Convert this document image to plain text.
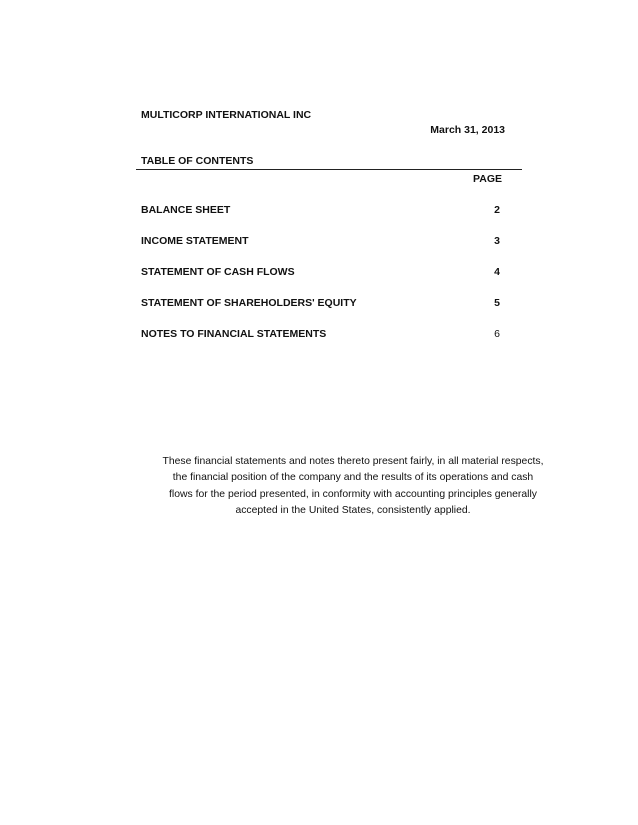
MULTICORP INTERNATIONAL INC
March 31, 2013
TABLE OF CONTENTS
PAGE
BALANCE SHEET	2
INCOME STATEMENT	3
STATEMENT OF CASH FLOWS	4
STATEMENT OF SHAREHOLDERS' EQUITY	5
NOTES TO FINANCIAL STATEMENTS	6
These financial statements and notes thereto present fairly, in all material respects,
the financial position of the company and the results of its operations and cash
flows for the period presented, in conformity with accounting principles generally
accepted in the United States, consistently applied.
